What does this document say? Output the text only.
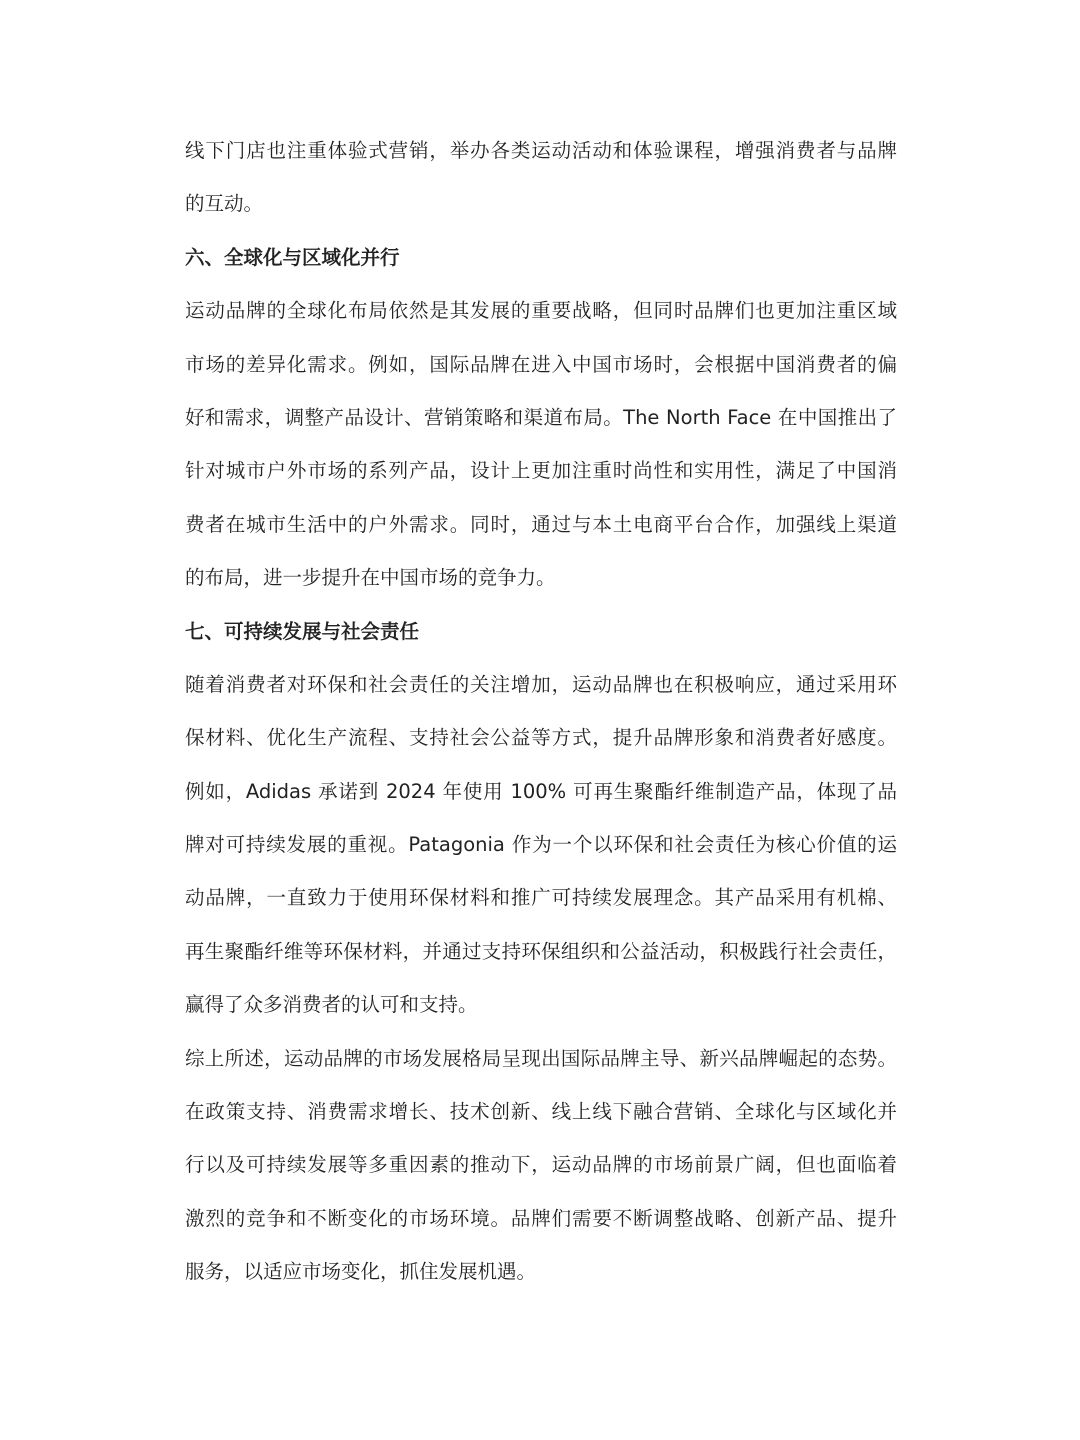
线下门店也注重体验式营销，举办各类运动活动和体验课程，增强消费者与品牌
的互动。
六、全球化与区域化并行
运动品牌的全球化布局依然是其发展的重要战略，但同时品牌们也更加注重区域
市场的差异化需求。例如，国际品牌在进入中国市场时，会根据中国消费者的偏
好和需求，调整产品设计、营销策略和渠道布局。The North Face 在中国推出了
针对城市户外市场的系列产品，设计上更加注重时尚性和实用性，满足了中国消
费者在城市生活中的户外需求。同时，通过与本土电商平台合作，加强线上渠道
的布局，进一步提升在中国市场的竞争力。
七、可持续发展与社会责任
随着消费者对环保和社会责任的关注增加，运动品牌也在积极响应，通过采用环
保材料、优化生产流程、支持社会公益等方式，提升品牌形象和消费者好感度。
例如，Adidas 承诺到 2024 年使用 100% 可再生聚酯纤维制造产品，体现了品
牌对可持续发展的重视。Patagonia 作为一个以环保和社会责任为核心价值的运
动品牌，一直致力于使用环保材料和推广可持续发展理念。其产品采用有机棉、
再生聚酯纤维等环保材料，并通过支持环保组织和公益活动，积极践行社会责任，
赢得了众多消费者的认可和支持。
综上所述，运动品牌的市场发展格局呈现出国际品牌主导、新兴品牌崛起的态势。
在政策支持、消费需求增长、技术创新、线上线下融合营销、全球化与区域化并
行以及可持续发展等多重因素的推动下，运动品牌的市场前景广阔，但也面临着
激烈的竞争和不断变化的市场环境。品牌们需要不断调整战略、创新产品、提升
服务，以适应市场变化，抓住发展机遇。
